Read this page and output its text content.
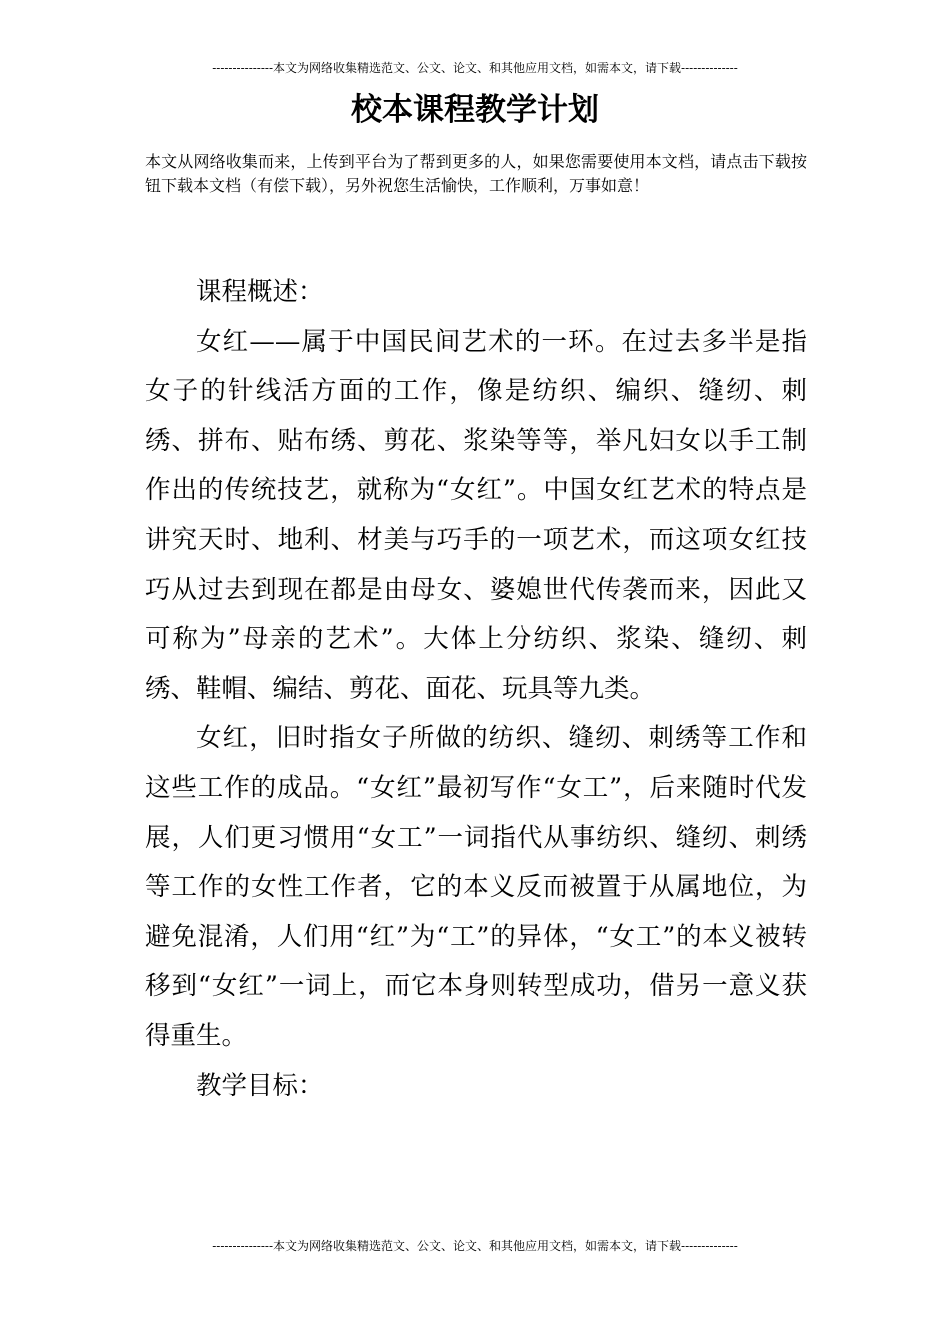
---------------本文为网络收集精选范文、公文、论文、和其他应用文档，如需本文，请下载--------------
校本课程教学计划
本文从网络收集而来，上传到平台为了帮到更多的人，如果您需要使用本文档，请点击下载按钮下载本文档（有偿下载），另外祝您生活愉快，工作顺利，万事如意！

课程概述：

女红——属于中国民间艺术的一环。在过去多半是指女子的针线活方面的工作，像是纺织、编织、缝纫、刺绣、拼布、贴布绣、剪花、浆染等等，举凡妇女以手工制作出的传统技艺，就称为“女红”。中国女红艺术的特点是讲究天时、地利、材美与巧手的一项艺术，而这项女红技巧从过去到现在都是由母女、婆媳世代传袭而来，因此又可称为”母亲的艺术”。大体上分纺织、浆染、缝纫、刺绣、鞋帽、编结、剪花、面花、玩具等九类。

女红，旧时指女子所做的纺织、缝纫、刺绣等工作和这些工作的成品。“女红”最初写作“女工”，后来随时代发展，人们更习惯用“女工”一词指代从事纺织、缝纫、刺绣等工作的女性工作者，它的本义反而被置于从属地位，为避免混淆，人们用“红”为“工”的异体，“女工”的本义被转移到“女红”一词上，而它本身则转型成功，借另一意义获得重生。

教学目标：

---------------本文为网络收集精选范文、公文、论文、和其他应用文档，如需本文，请下载--------------
